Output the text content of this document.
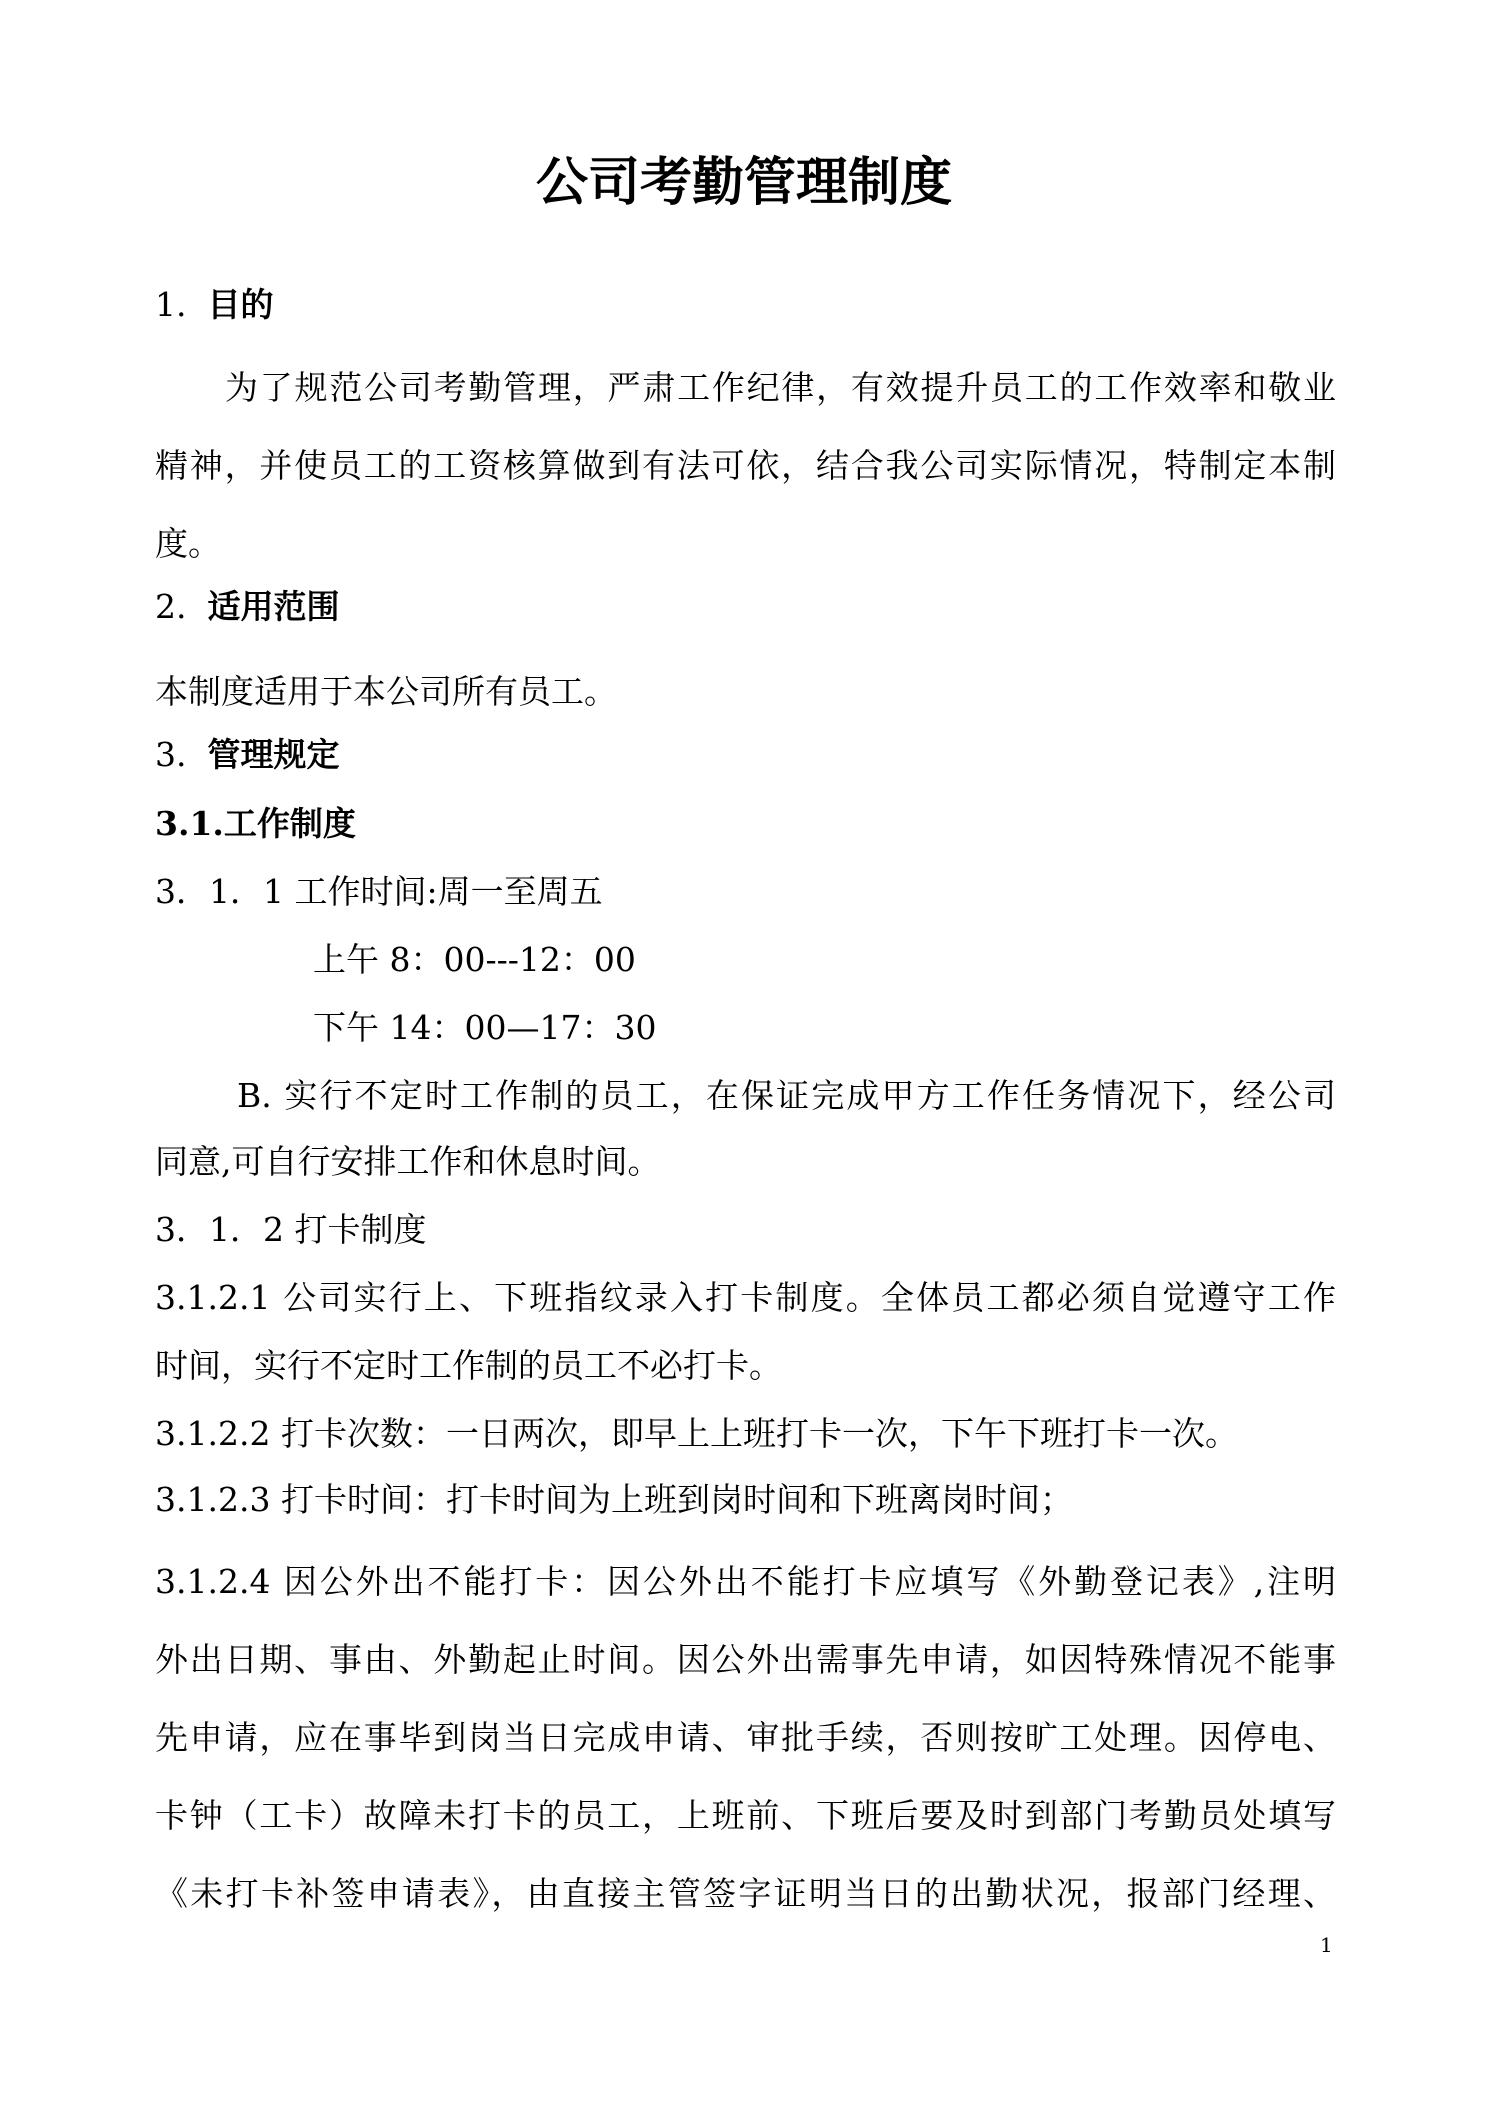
公司考勤管理制度
1. 目的
为了规范公司考勤管理，严肃工作纪律，有效提升员工的工作效率和敬业
精神，并使员工的工资核算做到有法可依，结合我公司实际情况，特制定本制
度。
2. 适用范围
本制度适用于本公司所有员工。
3. 管理规定
3.1.工作制度
3．1．1 工作时间:周一至周五
上午 8：00---12：00
下午 14：00—17：30
B. 实行不定时工作制的员工，在保证完成甲方工作任务情况下，经公司
同意,可自行安排工作和休息时间。
3．1．2 打卡制度
3.1.2.1 公司实行上、下班指纹录入打卡制度。全体员工都必须自觉遵守工作
时间，实行不定时工作制的员工不必打卡。
3.1.2.2 打卡次数：一日两次，即早上上班打卡一次，下午下班打卡一次。
3.1.2.3 打卡时间：打卡时间为上班到岗时间和下班离岗时间；
3.1.2.4 因公外出不能打卡：因公外出不能打卡应填写《外勤登记表》,注明
外出日期、事由、外勤起止时间。因公外出需事先申请，如因特殊情况不能事
先申请，应在事毕到岗当日完成申请、审批手续，否则按旷工处理。因停电、
卡钟（工卡）故障未打卡的员工，上班前、下班后要及时到部门考勤员处填写
《未打卡补签申请表》，由直接主管签字证明当日的出勤状况，报部门经理、
1
